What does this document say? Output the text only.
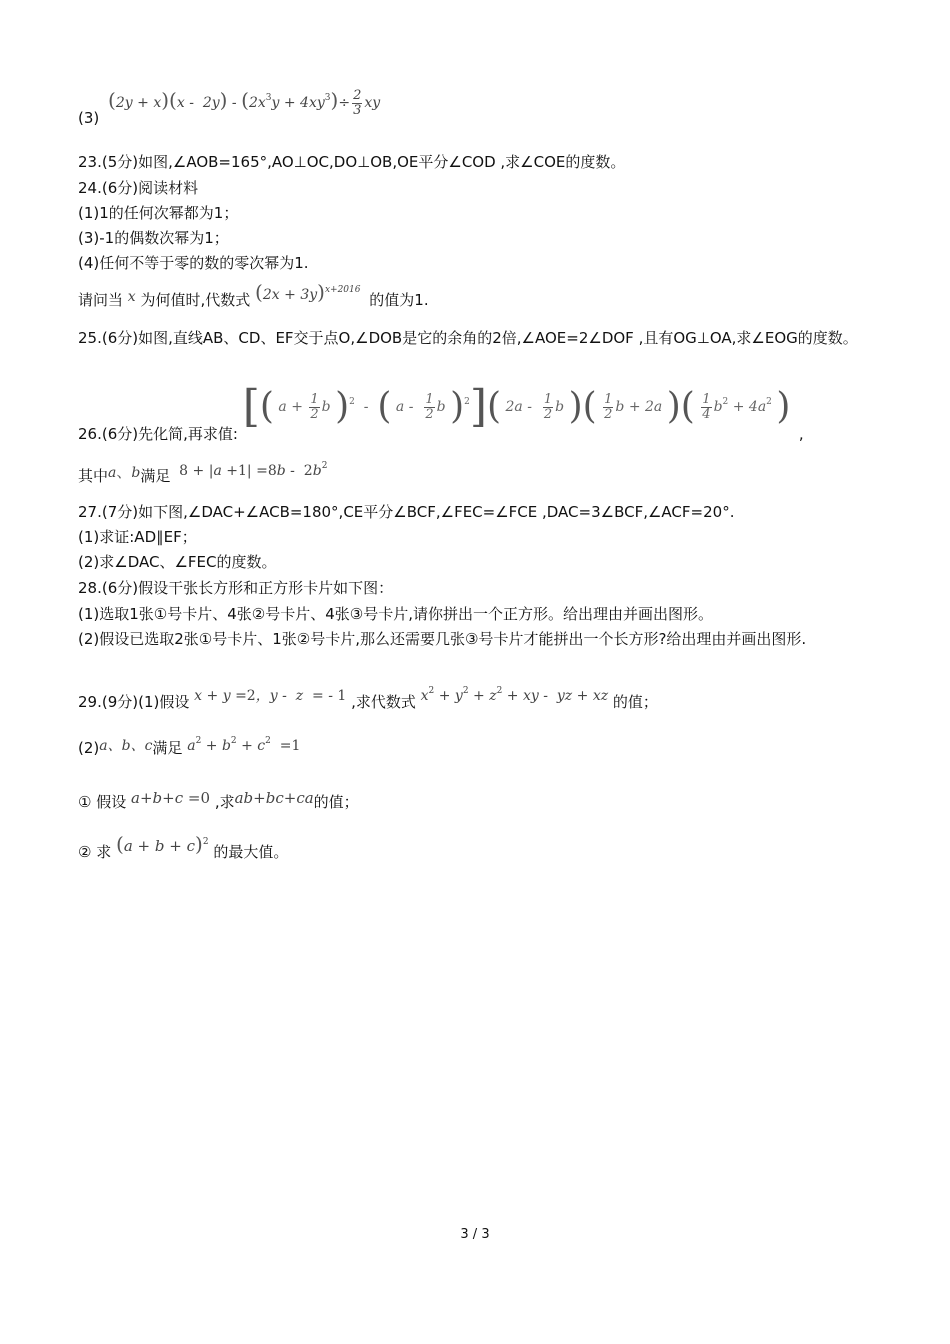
(3) $(2y + x)(x - 2y) - (2x^3y + 4xy^3)\div \frac{2}{3}$ xy
23.(5分)如图,∠AOB=165°,AO⊥OC,DO⊥OB,OE平分∠COD ,求∠COE的度数。
24.(6分)阅读材料
(1)1的任何次幂都为1；
(3)-1的偶数次幂为1；
(4)任何不等于零的数的零次幂为1.
请问当 x 为何值时,代数式 $(2x + 3y)^{x+2016}$ 的值为1.
25.(6分)如图,直线AB、CD、EF交于点O,∠DOB是它的余角的2倍,∠AOE=2∠DOF ,且有OG⊥OA,求∠EOG的度数。
26.(6分)先化简,再求值: [( $a + \frac{1}{2}$ b )$^2$  -  ( a - $\frac{1}{2}$ b )$^2$]( $2a - \frac{1}{2}$ b )( $\frac{1}{2}$ b + 2a )( $\frac{1}{4} b^2 + 4a^2$ ) ,
其中a、b满足 $8 + |a +1| =8b - 2b^2$
27.(7分)如下图,∠DAC+∠ACB=180°,CE平分∠BCF,∠FEC=∠FCE ,DAC=3∠BCF,∠ACF=20°.
(1)求证:AD∥EF；
(2)求∠DAC、∠FEC的度数。
28.(6分)假设干张长方形和正方形卡片如下图：
(1)选取1张①号卡片、4张②号卡片、4张③号卡片,请你拼出一个正方形。给出理由并画出图形。
(2)假设已选取2张①号卡片、1张②号卡片,那么还需要几张③号卡片才能拼出一个长方形?给出理由并画出图形.
29.(9分)(1)假设 x + y =2，y -  z  = - 1 ,求代数式 $x^2 + y^2 + z^2$ + xy -  yz + xz 的值；
(2)a、b、c满足 $a^2 + b^2 + c^2 =1$
① 假设 a+b+c =0 ,求ab+bc+ca的值；
② 求 $(a + b + c)^2$ 的最大值。
3 / 3
